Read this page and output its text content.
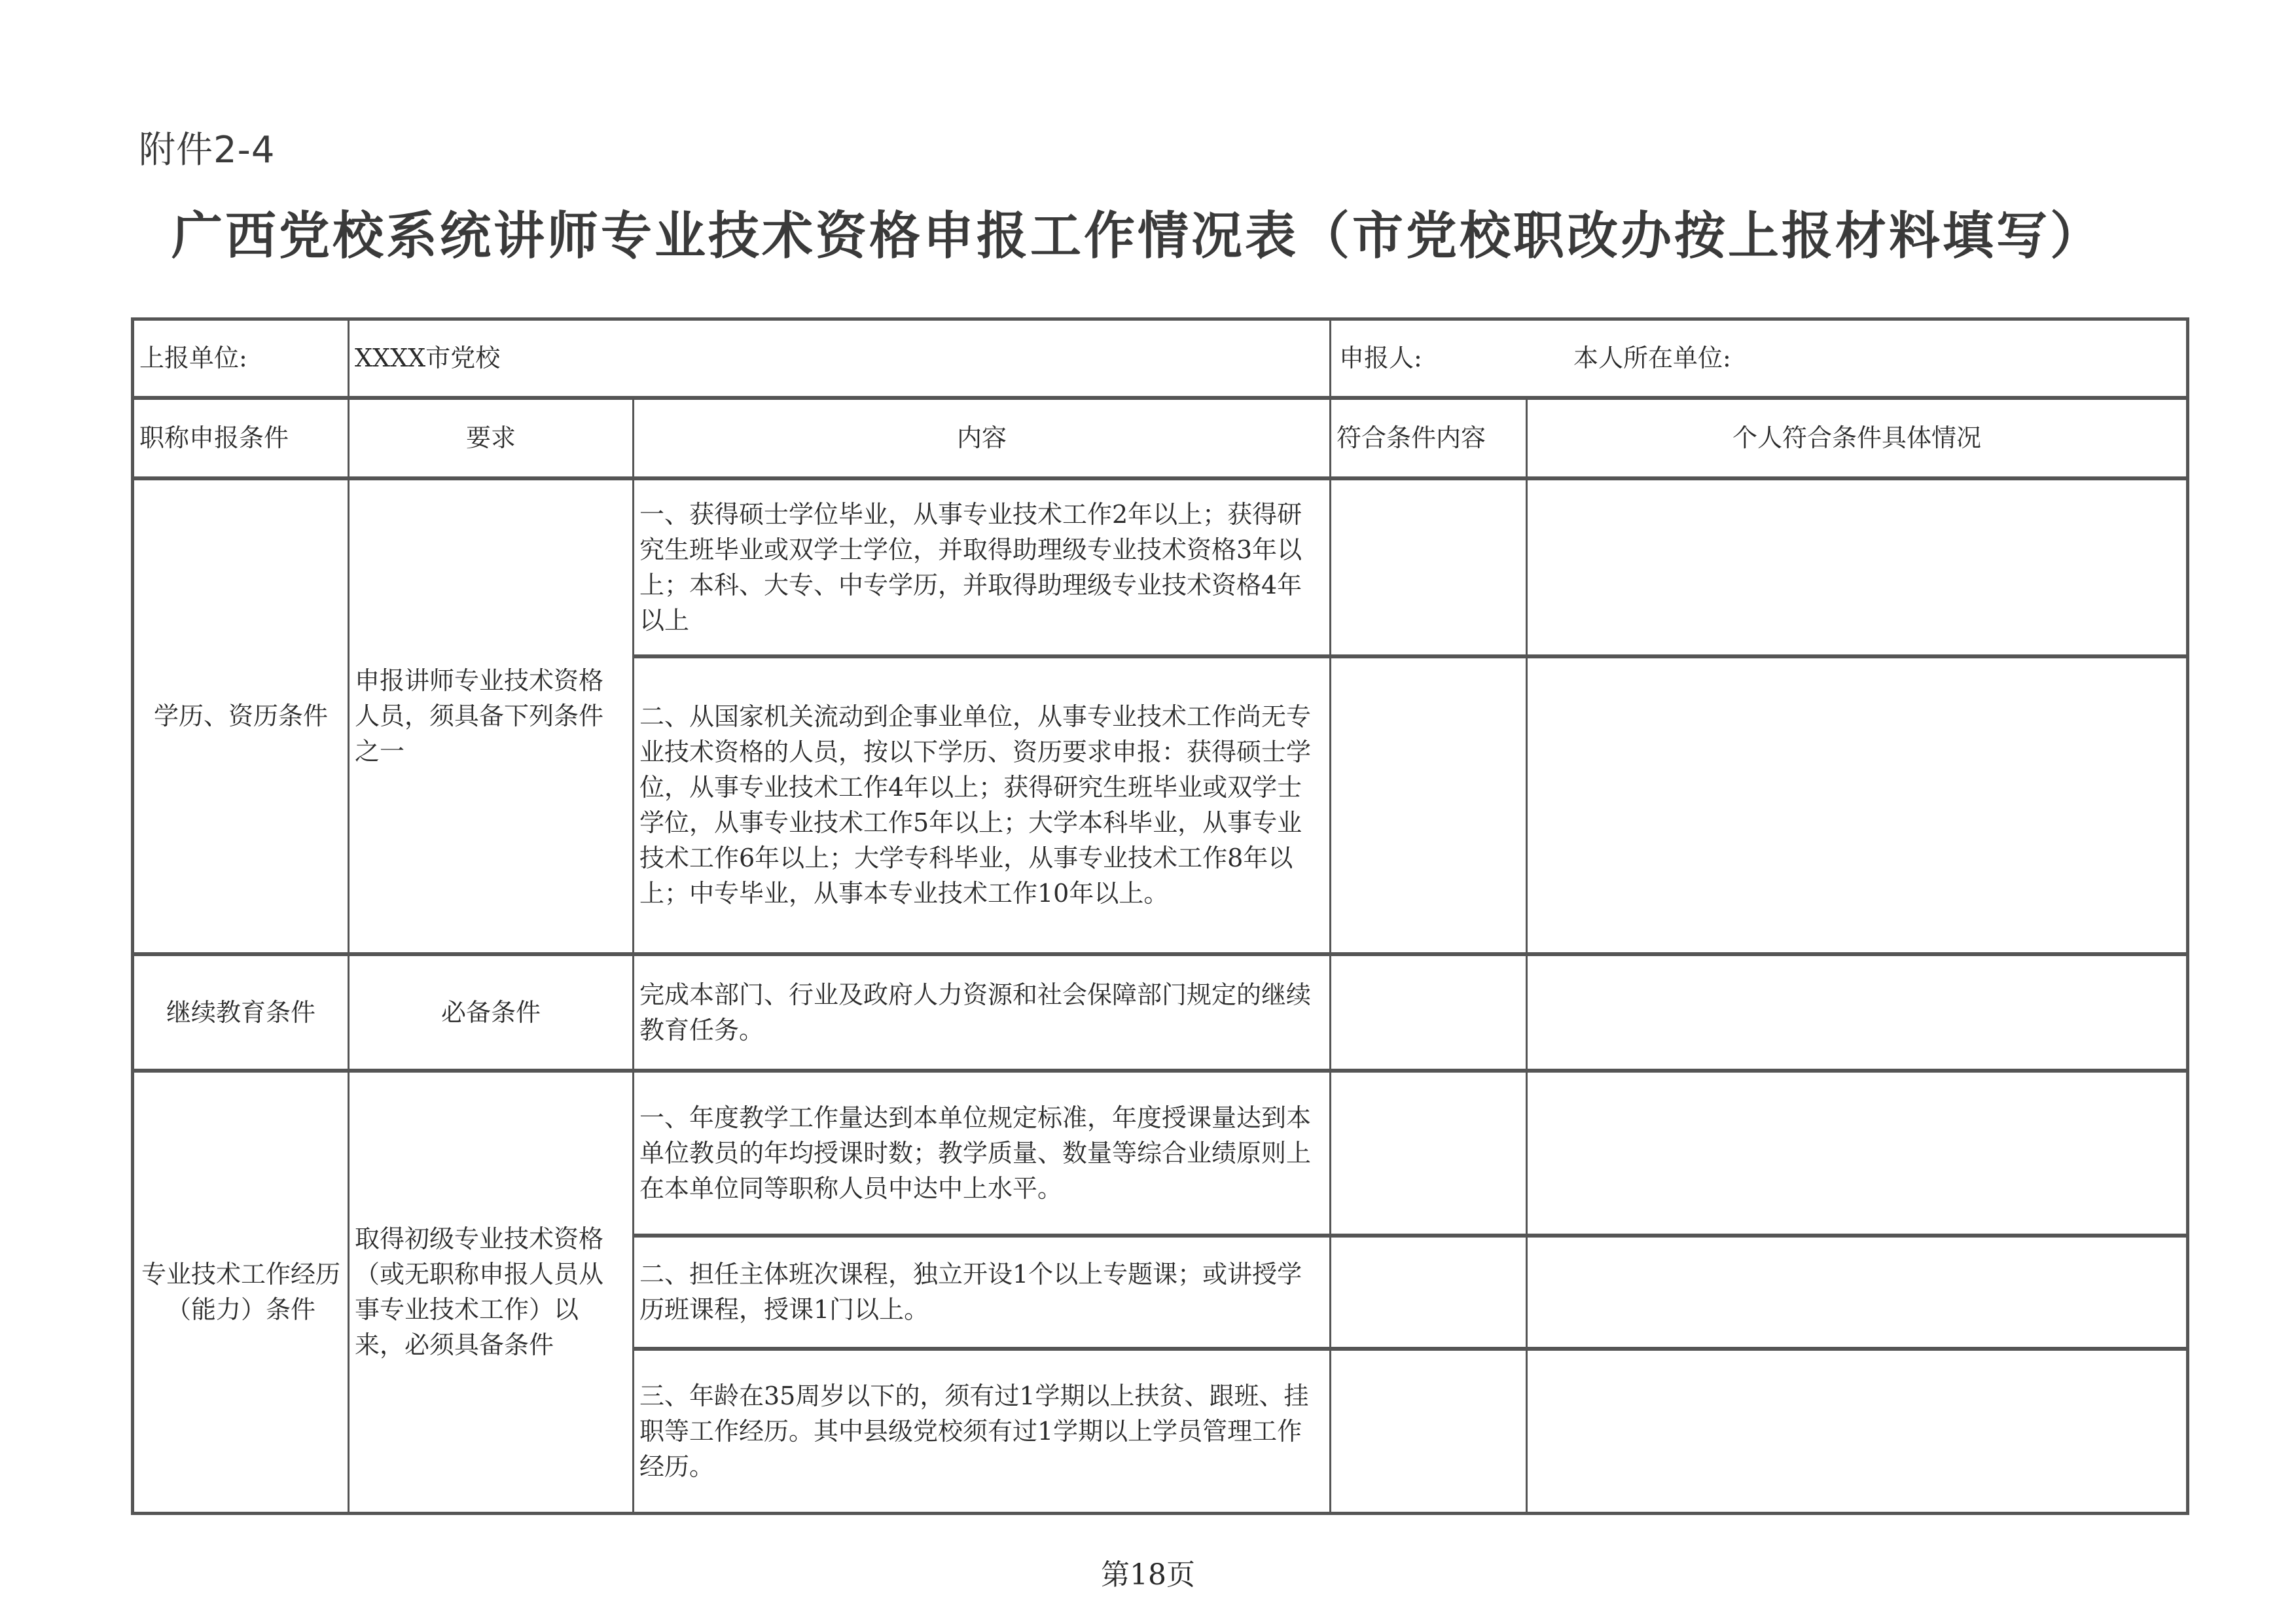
附件2-4
广西党校系统讲师专业技术资格申报工作情况表（市党校职改办按上报材料填写）
上报单位:	XXXX市党校		申报人: 本人所在单位:	

职称申报条件	要求	内容	符合条件内容	个人符合条件具体情况
学历、资历条件	申报讲师专业技术资格人员，须具备下列条件之一	一、获得硕士学位毕业，从事专业技术工作2年以上；获得研究生班毕业或双学士学位，并取得助理级专业技术资格3年以上；本科、大专、中专学历，并取得助理级专业技术资格4年以上		
		二、从国家机关流动到企事业单位，从事专业技术工作尚无专业技术资格的人员，按以下学历、资历要求申报：获得硕士学位，从事专业技术工作4年以上；获得研究生班毕业或双学士学位，从事专业技术工作5年以上；大学本科毕业，从事专业技术工作6年以上；大学专科毕业，从事专业技术工作8年以上；中专毕业，从事本专业技术工作10年以上。		
继续教育条件	必备条件	完成本部门、行业及政府人力资源和社会保障部门规定的继续教育任务。		
专业技术工作经历（能力）条件	取得初级专业技术资格（或无职称申报人员从事专业技术工作）以来，必须具备条件	一、年度教学工作量达到本单位规定标准，年度授课量达到本单位教员的年均授课时数；教学质量、数量等综合业绩原则上在本单位同等职称人员中达中上水平。		
		二、担任主体班次课程，独立开设1个以上专题课；或讲授学历班课程，授课1门以上。		
		三、年龄在35周岁以下的，须有过1学期以上扶贫、跟班、挂职等工作经历。其中县级党校须有过1学期以上学员管理工作经历。		
第18页
